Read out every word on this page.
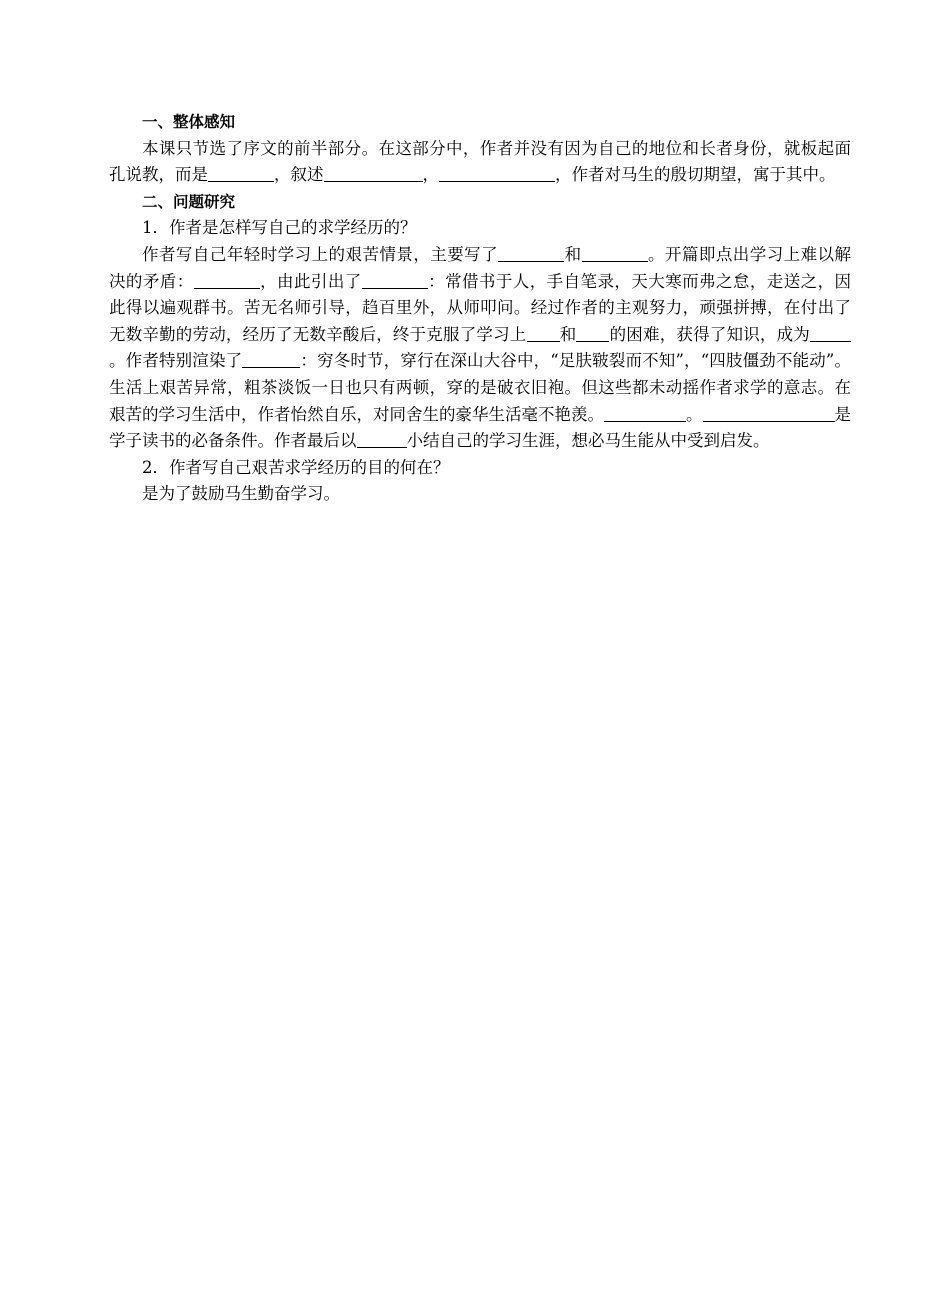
一、整体感知

本课只节选了序文的前半部分。在这部分中，作者并没有因为自己的地位和长者身份，就板起面孔说教，而是	，叙述	，	，作者对马生的殷切期望，寓于其中。

二、问题研究

1．作者是怎样写自己的求学经历的？

作者写自己年轻时学习上的艰苦情景，主要写了	和	。开篇即点出学习上难以解决的矛盾：	，由此引出了	：常借书于人，手自笔录，天大寒而弗之怠，走送之，因此得以遍观群书。苦无名师引导，趋百里外，从师叩问。经过作者的主观努力，顽强拼搏，在付出了无数辛勤的劳动，经历了无数辛酸后，终于克服了学习上 和 的困难，获得了知识，成为。作者特别渲染了	：穷冬时节，穿行在深山大谷中，“足肤皲裂而不知”，“四肢僵劲不能动”。生活上艰苦异常，粗茶淡饭一日也只有两顿，穿的是破衣旧袍。但这些都未动摇作者求学的意志。在艰苦的学习生活中，作者怡然自乐，对同舍生的豪华生活毫不艳羡。	。	是学子读书的必备条件。作者最后以	小结自己的学习生涯，想必马生能从中受到启发。

2．作者写自己艰苦求学经历的目的何在？

是为了鼓励马生勤奋学习。
